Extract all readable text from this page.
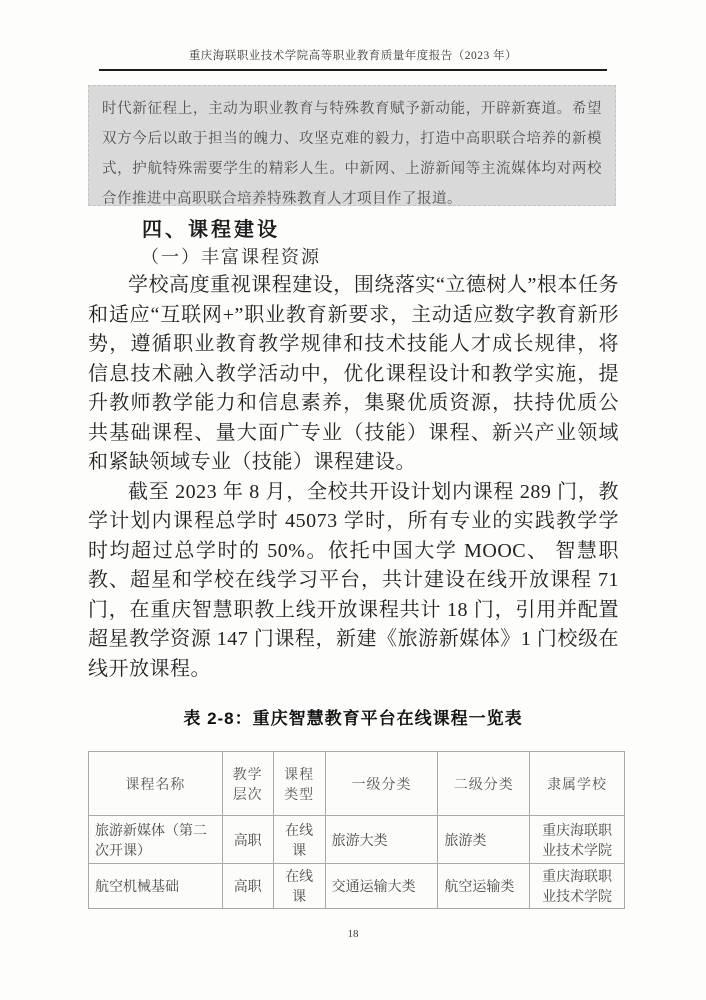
重庆海联职业技术学院高等职业教育质量年度报告（2023 年）
时代新征程上，主动为职业教育与特殊教育赋予新动能，开辟新赛道。希望双方今后以敢于担当的魄力、攻坚克难的毅力，打造中高职联合培养的新模式，护航特殊需要学生的精彩人生。中新网、上游新闻等主流媒体均对两校合作推进中高职联合培养特殊教育人才项目作了报道。
四、课程建设
（一）丰富课程资源

学校高度重视课程建设，围绕落实“立德树人”根本任务和适应“互联网+”职业教育新要求，主动适应数字教育新形势，遵循职业教育教学规律和技术技能人才成长规律，将信息技术融入教学活动中，优化课程设计和教学实施，提升教师教学能力和信息素养，集聚优质资源，扶持优质公共基础课程、量大面广专业（技能）课程、新兴产业领域和紧缺领域专业（技能）课程建设。

截至 2023 年 8 月，全校共开设计划内课程 289 门，教学计划内课程总学时 45073 学时，所有专业的实践教学学时均超过总学时的 50%。依托中国大学 MOOC、 智慧职教、超星和学校在线学习平台，共计建设在线开放课程 71 门，在重庆智慧职教上线开放课程共计 18 门，引用并配置超星教学资源 147 门课程，新建《旅游新媒体》1 门校级在线开放课程。

表 2-8：重庆智慧教育平台在线课程一览表
课程名称	教学层次	课程类型	一级分类	二级分类	隶属学校
旅游新媒体（第二次开课）	高职	在线课	旅游大类	旅游类	重庆海联职业技术学院
航空机械基础	高职	在线课	交通运输大类	航空运输类	重庆海联职业技术学院
18
